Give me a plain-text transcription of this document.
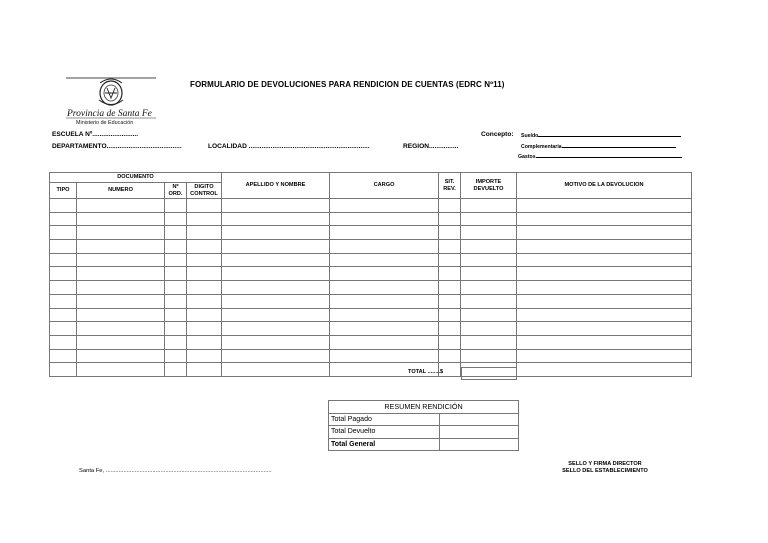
Provincia de Santa Fe
Ministerio de Educación
FORMULARIO DE DEVOLUCIONES PARA RENDICION DE CUENTAS (EDRC Nº11)
ESCUELA Nº.........................
DEPARTAMENTO.........................................	LOCALIDAD ..................................................................	REGION................
Concepto: Sueldo
Complementaria
Gastos
DOCUMENTO				APELLIDO Y NOMBRE	CARGO	SIT. REV.	IMPORTE DEVUELTO	MOTIVO DE LA DEVOLUCION
TIPO	NUMERO	Nº ORD.	DIGITO CONTROL					

TOTAL ........$
RESUMEN RENDICIÓN	
Total Pagado	
Total Devuelto	
Total General	
SELLO Y FIRMA DIRECTOR
SELLO DEL ESTABLECIMIENTO
Santa Fe, .......................................................................................................
